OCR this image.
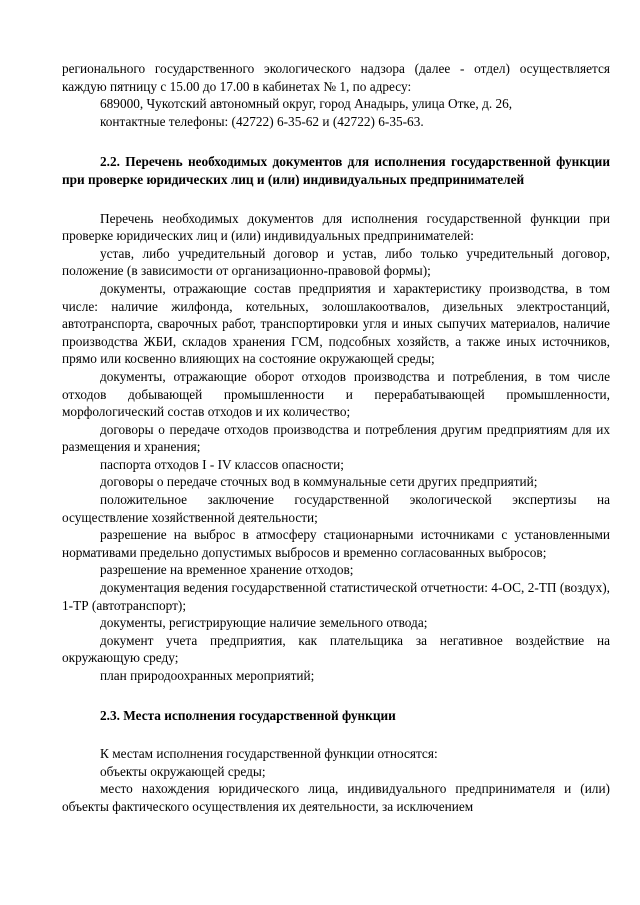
регионального государственного экологического надзора (далее - отдел) осуществляется каждую пятницу с 15.00 до 17.00 в кабинетах № 1, по адресу:

689000, Чукотский автономный округ, город Анадырь, улица Отке, д. 26,

контактные телефоны: (42722) 6-35-62 и (42722) 6-35-63.

2.2. Перечень необходимых документов для исполнения государственной функции при проверке юридических лиц и (или) индивидуальных предпринимателей

Перечень необходимых документов для исполнения государственной функции при проверке юридических лиц и (или) индивидуальных предпринимателей:

устав, либо учредительный договор и устав, либо только учредительный договор, положение (в зависимости от организационно-правовой формы);

документы, отражающие состав предприятия и характеристику производства, в том числе: наличие жилфонда, котельных, золошлакоотвалов, дизельных электростанций, автотранспорта, сварочных работ, транспортировки угля и иных сыпучих материалов, наличие производства ЖБИ, складов хранения ГСМ, подсобных хозяйств, а также иных источников, прямо или косвенно влияющих на состояние окружающей среды;

документы, отражающие оборот отходов производства и потребления, в том числе отходов добывающей промышленности и перерабатывающей промышленности, морфологический состав отходов и их количество;

договоры о передаче отходов производства и потребления другим предприятиям для их размещения и хранения;

паспорта отходов I - IV классов опасности;

договоры о передаче сточных вод в коммунальные сети других предприятий;

положительное заключение государственной экологической экспертизы на осуществление хозяйственной деятельности;

разрешение на выброс в атмосферу стационарными источниками с установленными нормативами предельно допустимых выбросов и временно согласованных выбросов;

разрешение на временное хранение отходов;

документация ведения государственной статистической отчетности: 4-ОС, 2-ТП (воздух), 1-ТР (автотранспорт);

документы, регистрирующие наличие земельного отвода;

документ учета предприятия, как плательщика за негативное воздействие на окружающую среду;

план природоохранных мероприятий;

2.3. Места исполнения государственной функции

К местам исполнения государственной функции относятся:

объекты окружающей среды;

место нахождения юридического лица, индивидуального предпринимателя и (или) объекты фактического осуществления их деятельности, за исключением
